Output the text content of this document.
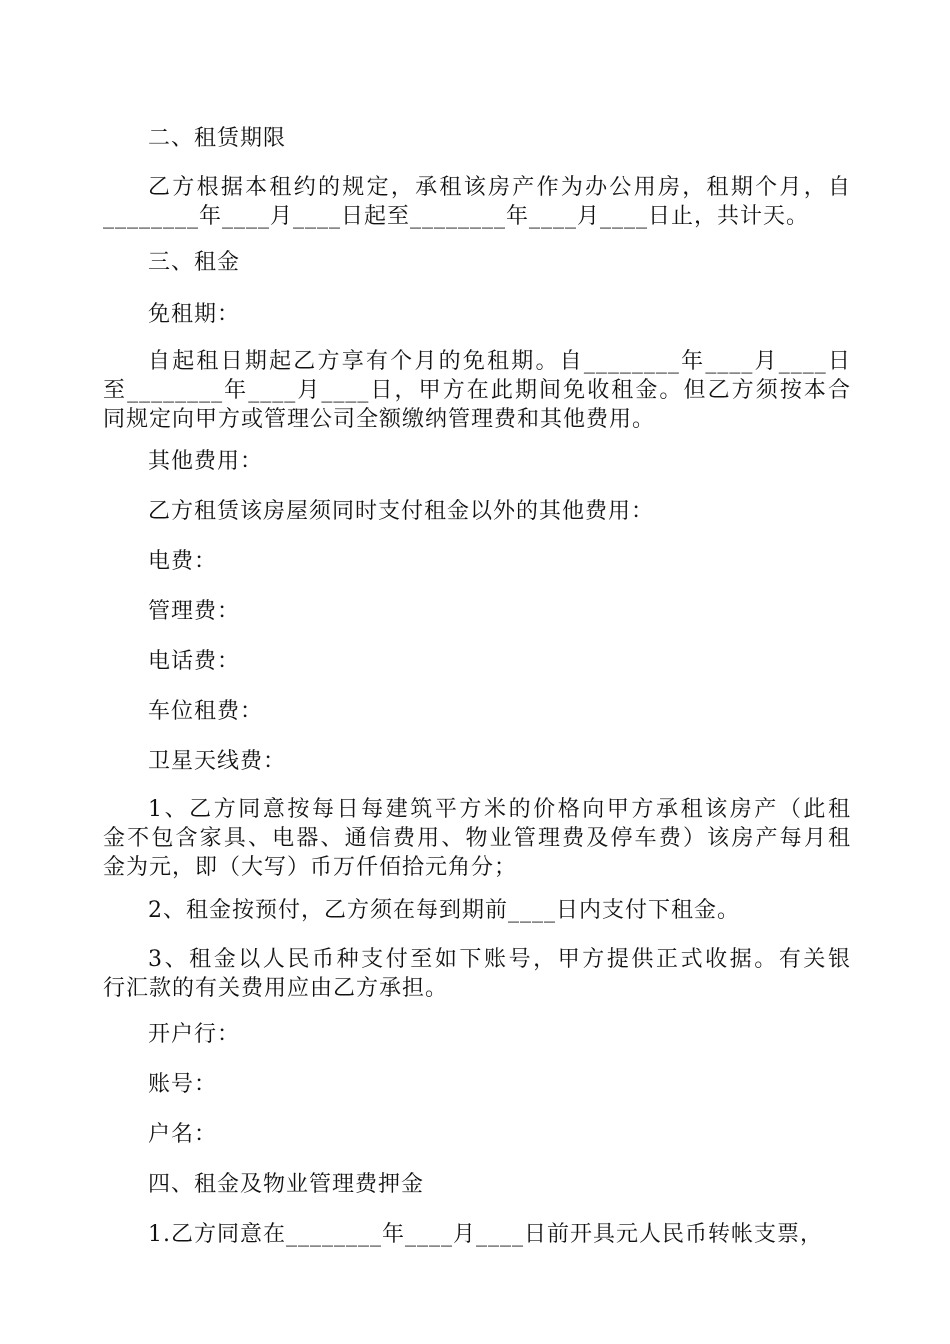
二、租赁期限

乙方根据本租约的规定，承租该房产作为办公用房，租期个月，自
________年____月____日起至________年____月____日止，共计天。

三、租金

免租期：

自起租日期起乙方享有个月的免租期。自________年____月____日
至________年____月____日，甲方在此期间免收租金。但乙方须按本合
同规定向甲方或管理公司全额缴纳管理费和其他费用。

其他费用：

乙方租赁该房屋须同时支付租金以外的其他费用：

电费：

管理费：

电话费：

车位租费：

卫星天线费：

1、乙方同意按每日每建筑平方米的价格向甲方承租该房产（此租
金不包含家具、电器、通信费用、物业管理费及停车费）该房产每月租
金为元，即（大写）币万仟佰拾元角分；

2、租金按预付，乙方须在每到期前____日内支付下租金。

3、租金以人民币种支付至如下账号，甲方提供正式收据。有关银
行汇款的有关费用应由乙方承担。

开户行：

账号：

户名：

四、租金及物业管理费押金

1.乙方同意在________年____月____日前开具元人民币转帐支票，
